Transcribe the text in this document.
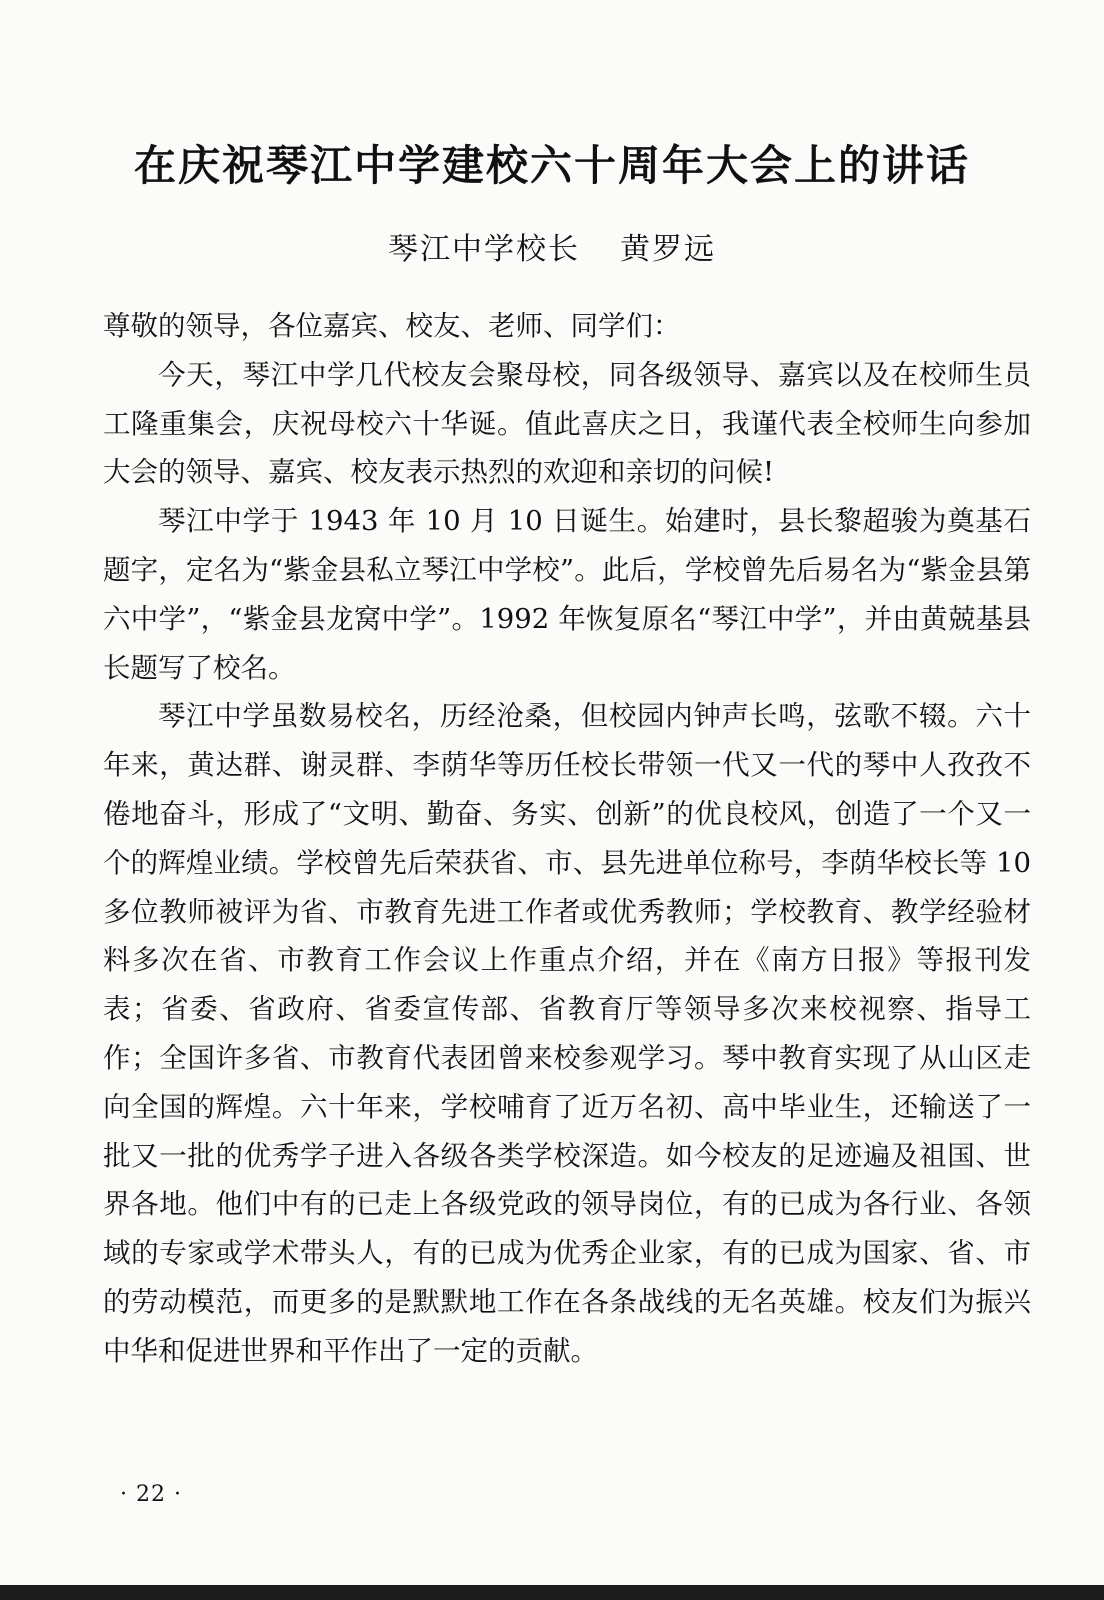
在庆祝琴江中学建校六十周年大会上的讲话
琴江中学校长 黄罗远

尊敬的领导，各位嘉宾、校友、老师、同学们：

今天，琴江中学几代校友会聚母校，同各级领导、嘉宾以及在校师生员工隆重集会，庆祝母校六十华诞。值此喜庆之日，我谨代表全校师生向参加大会的领导、嘉宾、校友表示热烈的欢迎和亲切的问候!

琴江中学于 1943 年 10 月 10 日诞生。始建时，县长黎超骏为奠基石题字，定名为“紫金县私立琴江中学校”。此后，学校曾先后易名为“紫金县第六中学”，“紫金县龙窝中学”。1992 年恢复原名“琴江中学”，并由黄兢基县长题写了校名。

琴江中学虽数易校名，历经沧桑，但校园内钟声长鸣，弦歌不辍。六十年来，黄达群、谢灵群、李荫华等历任校长带领一代又一代的琴中人孜孜不倦地奋斗，形成了“文明、勤奋、务实、创新”的优良校风，创造了一个又一个的辉煌业绩。学校曾先后荣获省、市、县先进单位称号，李荫华校长等 10 多位教师被评为省、市教育先进工作者或优秀教师；学校教育、教学经验材料多次在省、市教育工作会议上作重点介绍，并在《南方日报》等报刊发表；省委、省政府、省委宣传部、省教育厅等领导多次来校视察、指导工作；全国许多省、市教育代表团曾来校参观学习。琴中教育实现了从山区走向全国的辉煌。六十年来，学校哺育了近万名初、高中毕业生，还输送了一批又一批的优秀学子进入各级各类学校深造。如今校友的足迹遍及祖国、世界各地。他们中有的已走上各级党政的领导岗位，有的已成为各行业、各领域的专家或学术带头人，有的已成为优秀企业家，有的已成为国家、省、市的劳动模范，而更多的是默默地工作在各条战线的无名英雄。校友们为振兴中华和促进世界和平作出了一定的贡献。

· 22 ·
